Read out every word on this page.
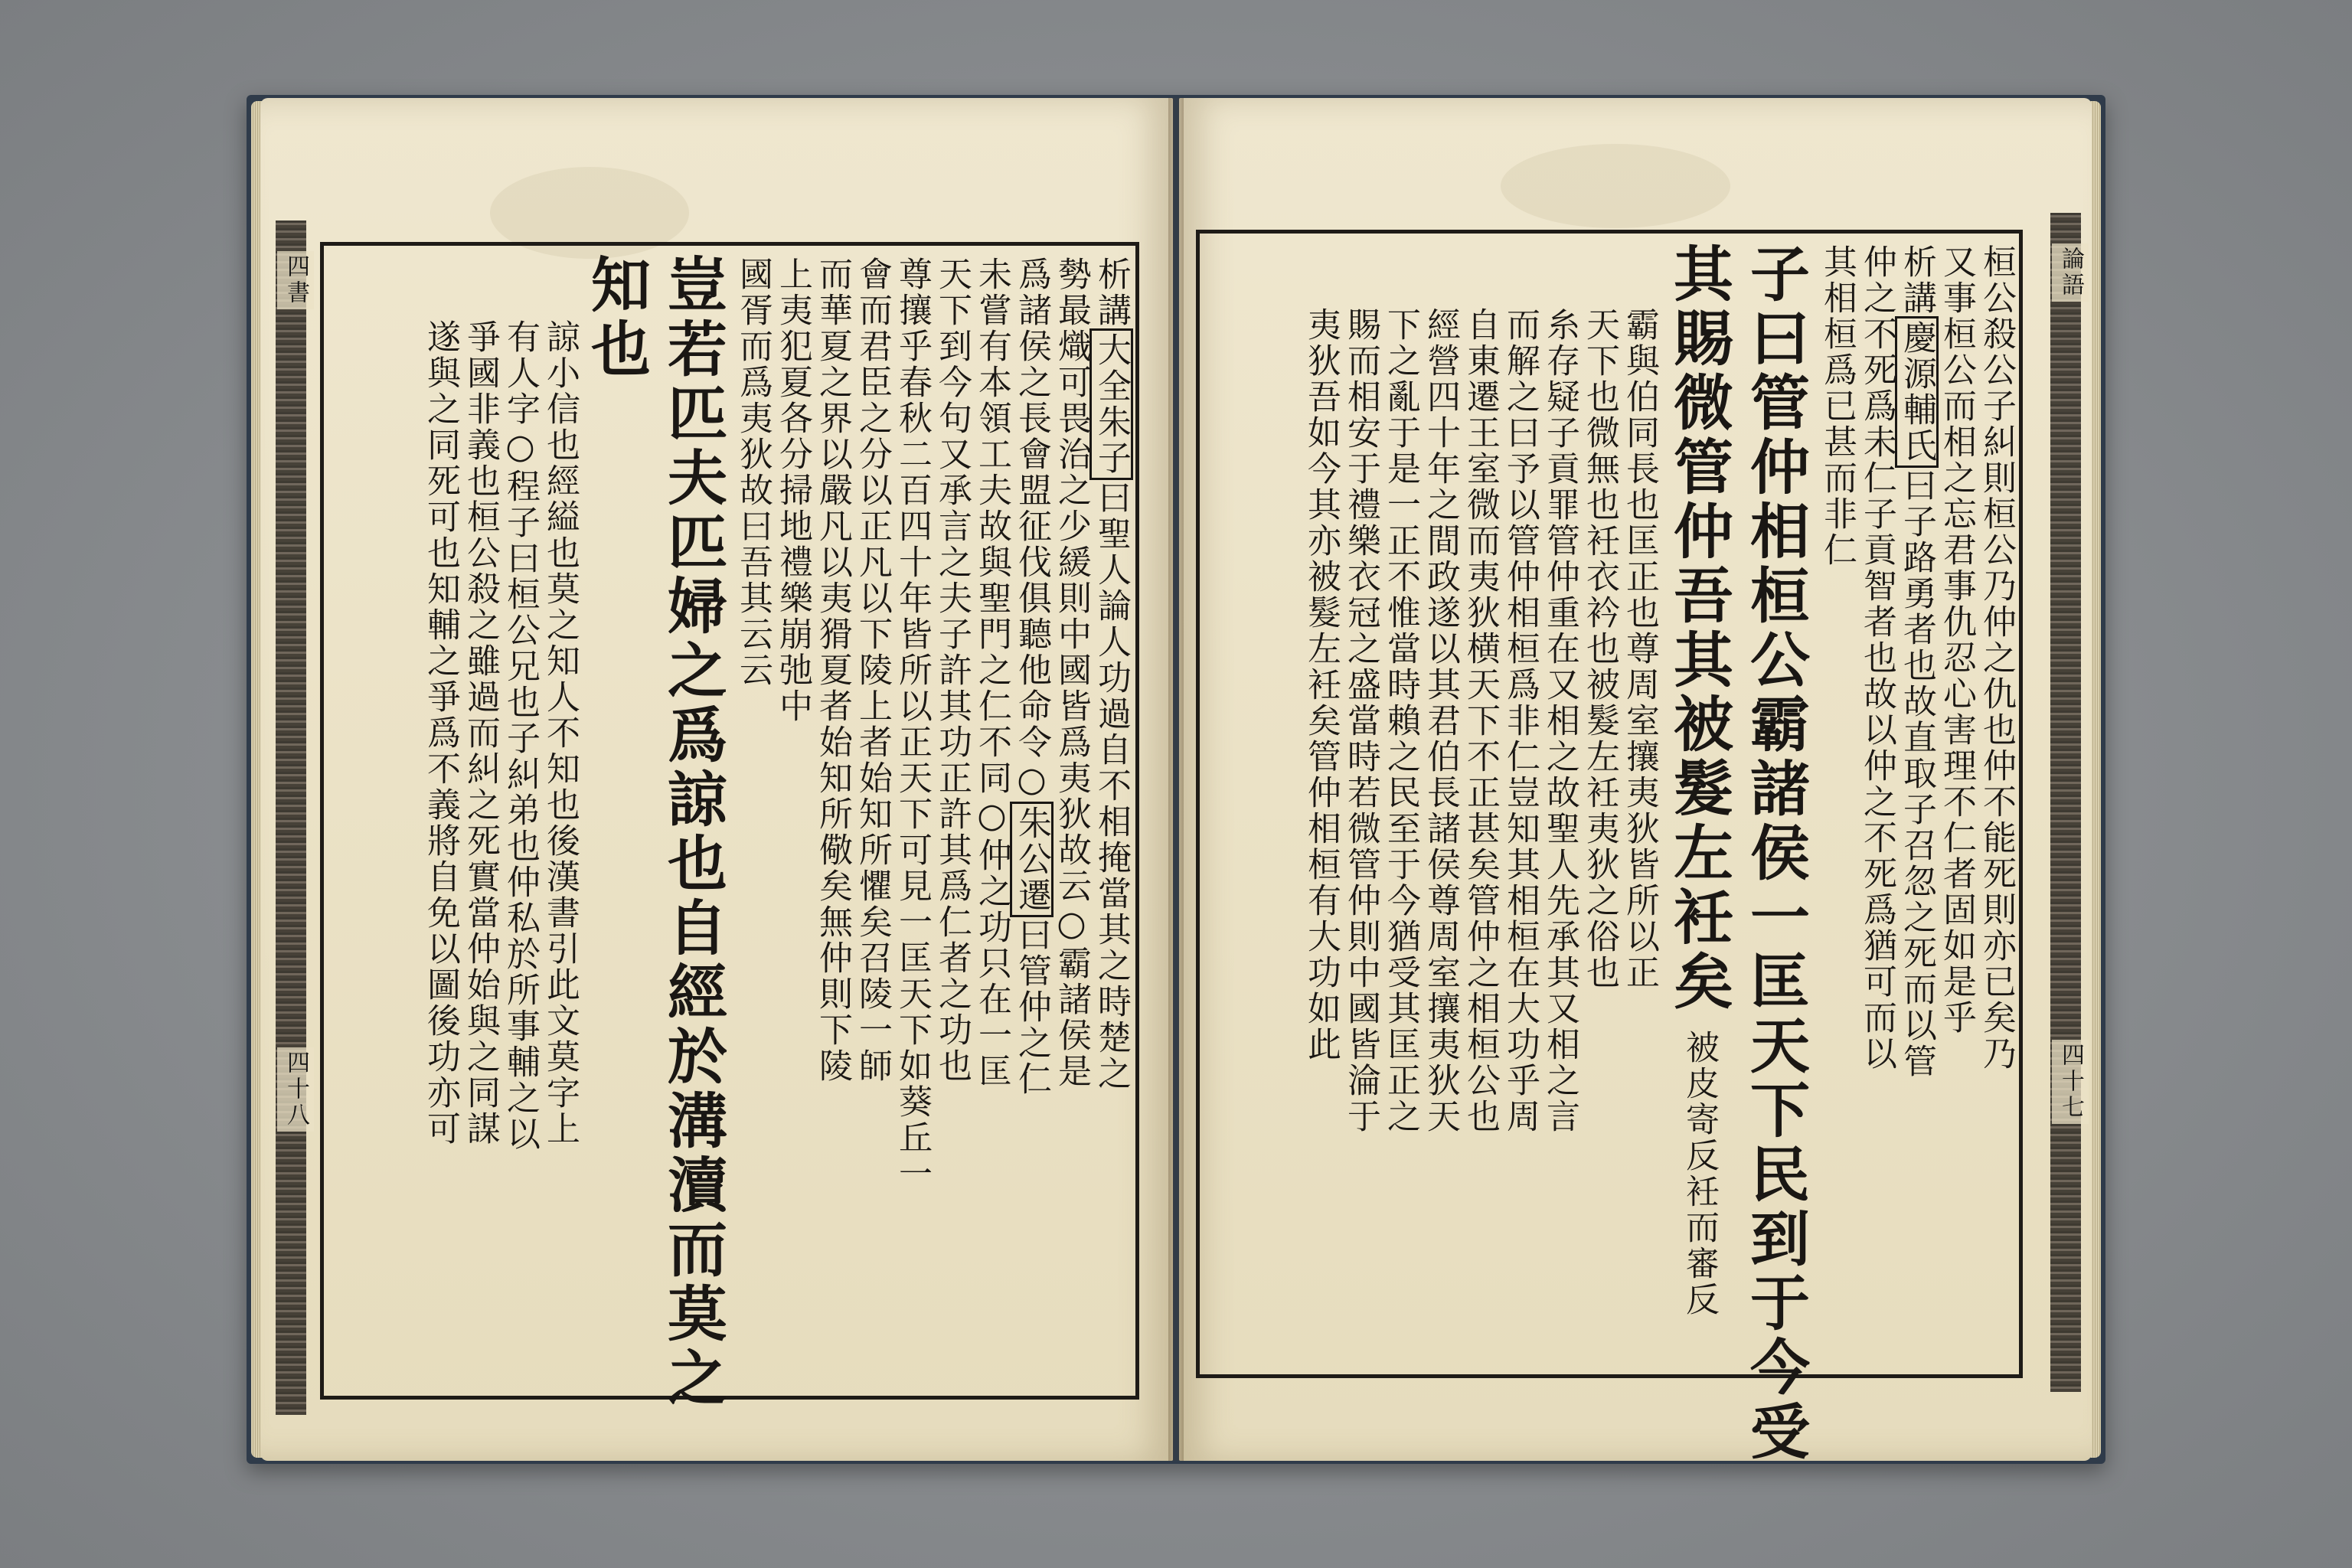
四書
四十八
析講大全朱子曰聖人論人功過自不相掩當其之時楚之
勢最熾可畏治之少緩則中國皆爲夷狄故云○霸諸侯是
爲諸侯之長會盟征伐俱聽他命令○朱公遷曰管仲之仁
未嘗有本領工夫故與聖門之仁不同○仲之功只在一匡
天下到今句又承言之夫子許其功正許其爲仁者之功也
尊攘乎春秋二百四十年皆所以正天下可見一匡天下如葵丘一
會而君臣之分以正凡以下陵上者始知所懼矣召陵一師
而華夏之界以嚴凡以夷猾夏者始知所儆矣無仲則下陵
上夷犯夏各分掃地禮樂崩弛中
國胥而爲夷狄故曰吾其云云
豈若匹夫匹婦之爲諒也自經於溝瀆而莫之
知也
諒小信也經縊也莫之知人不知也後漢書引此文莫字上
有人字○程子曰桓公兄也子糾弟也仲私於所事輔之以
爭國非義也桓公殺之雖過而糾之死實當仲始與之同謀
遂與之同死可也知輔之爭爲不義將自免以圖後功亦可
論語
四十七
桓公殺公子糾則桓公乃仲之仇也仲不能死則亦已矣乃
又事桓公而相之忘君事仇忍心害理不仁者固如是乎
析講慶源輔氏曰子路勇者也故直取子召忽之死而以管
仲之不死爲未仁子貢智者也故以仲之不死爲猶可而以
其相桓爲已甚而非仁
子曰管仲相桓公霸諸侯一匡天下民到于今受
其賜微管仲吾其被髮左衽矣
被皮寄反衽而審反
霸與伯同長也匡正也尊周室攘夷狄皆所以正
天下也微無也衽衣衿也被髮左衽夷狄之俗也
糸存疑子貢罪管仲重在又相之故聖人先承其又相之言
而解之曰予以管仲相桓爲非仁豈知其相桓在大功乎周
自東遷王室微而夷狄横天下不正甚矣管仲之相桓公也
經營四十年之間政遂以其君伯長諸侯尊周室攘夷狄天
下之亂于是一正不惟當時賴之民至于今猶受其匡正之
賜而相安于禮樂衣冠之盛當時若微管仲則中國皆淪于
夷狄吾如今其亦被髮左衽矣管仲相桓有大功如此
